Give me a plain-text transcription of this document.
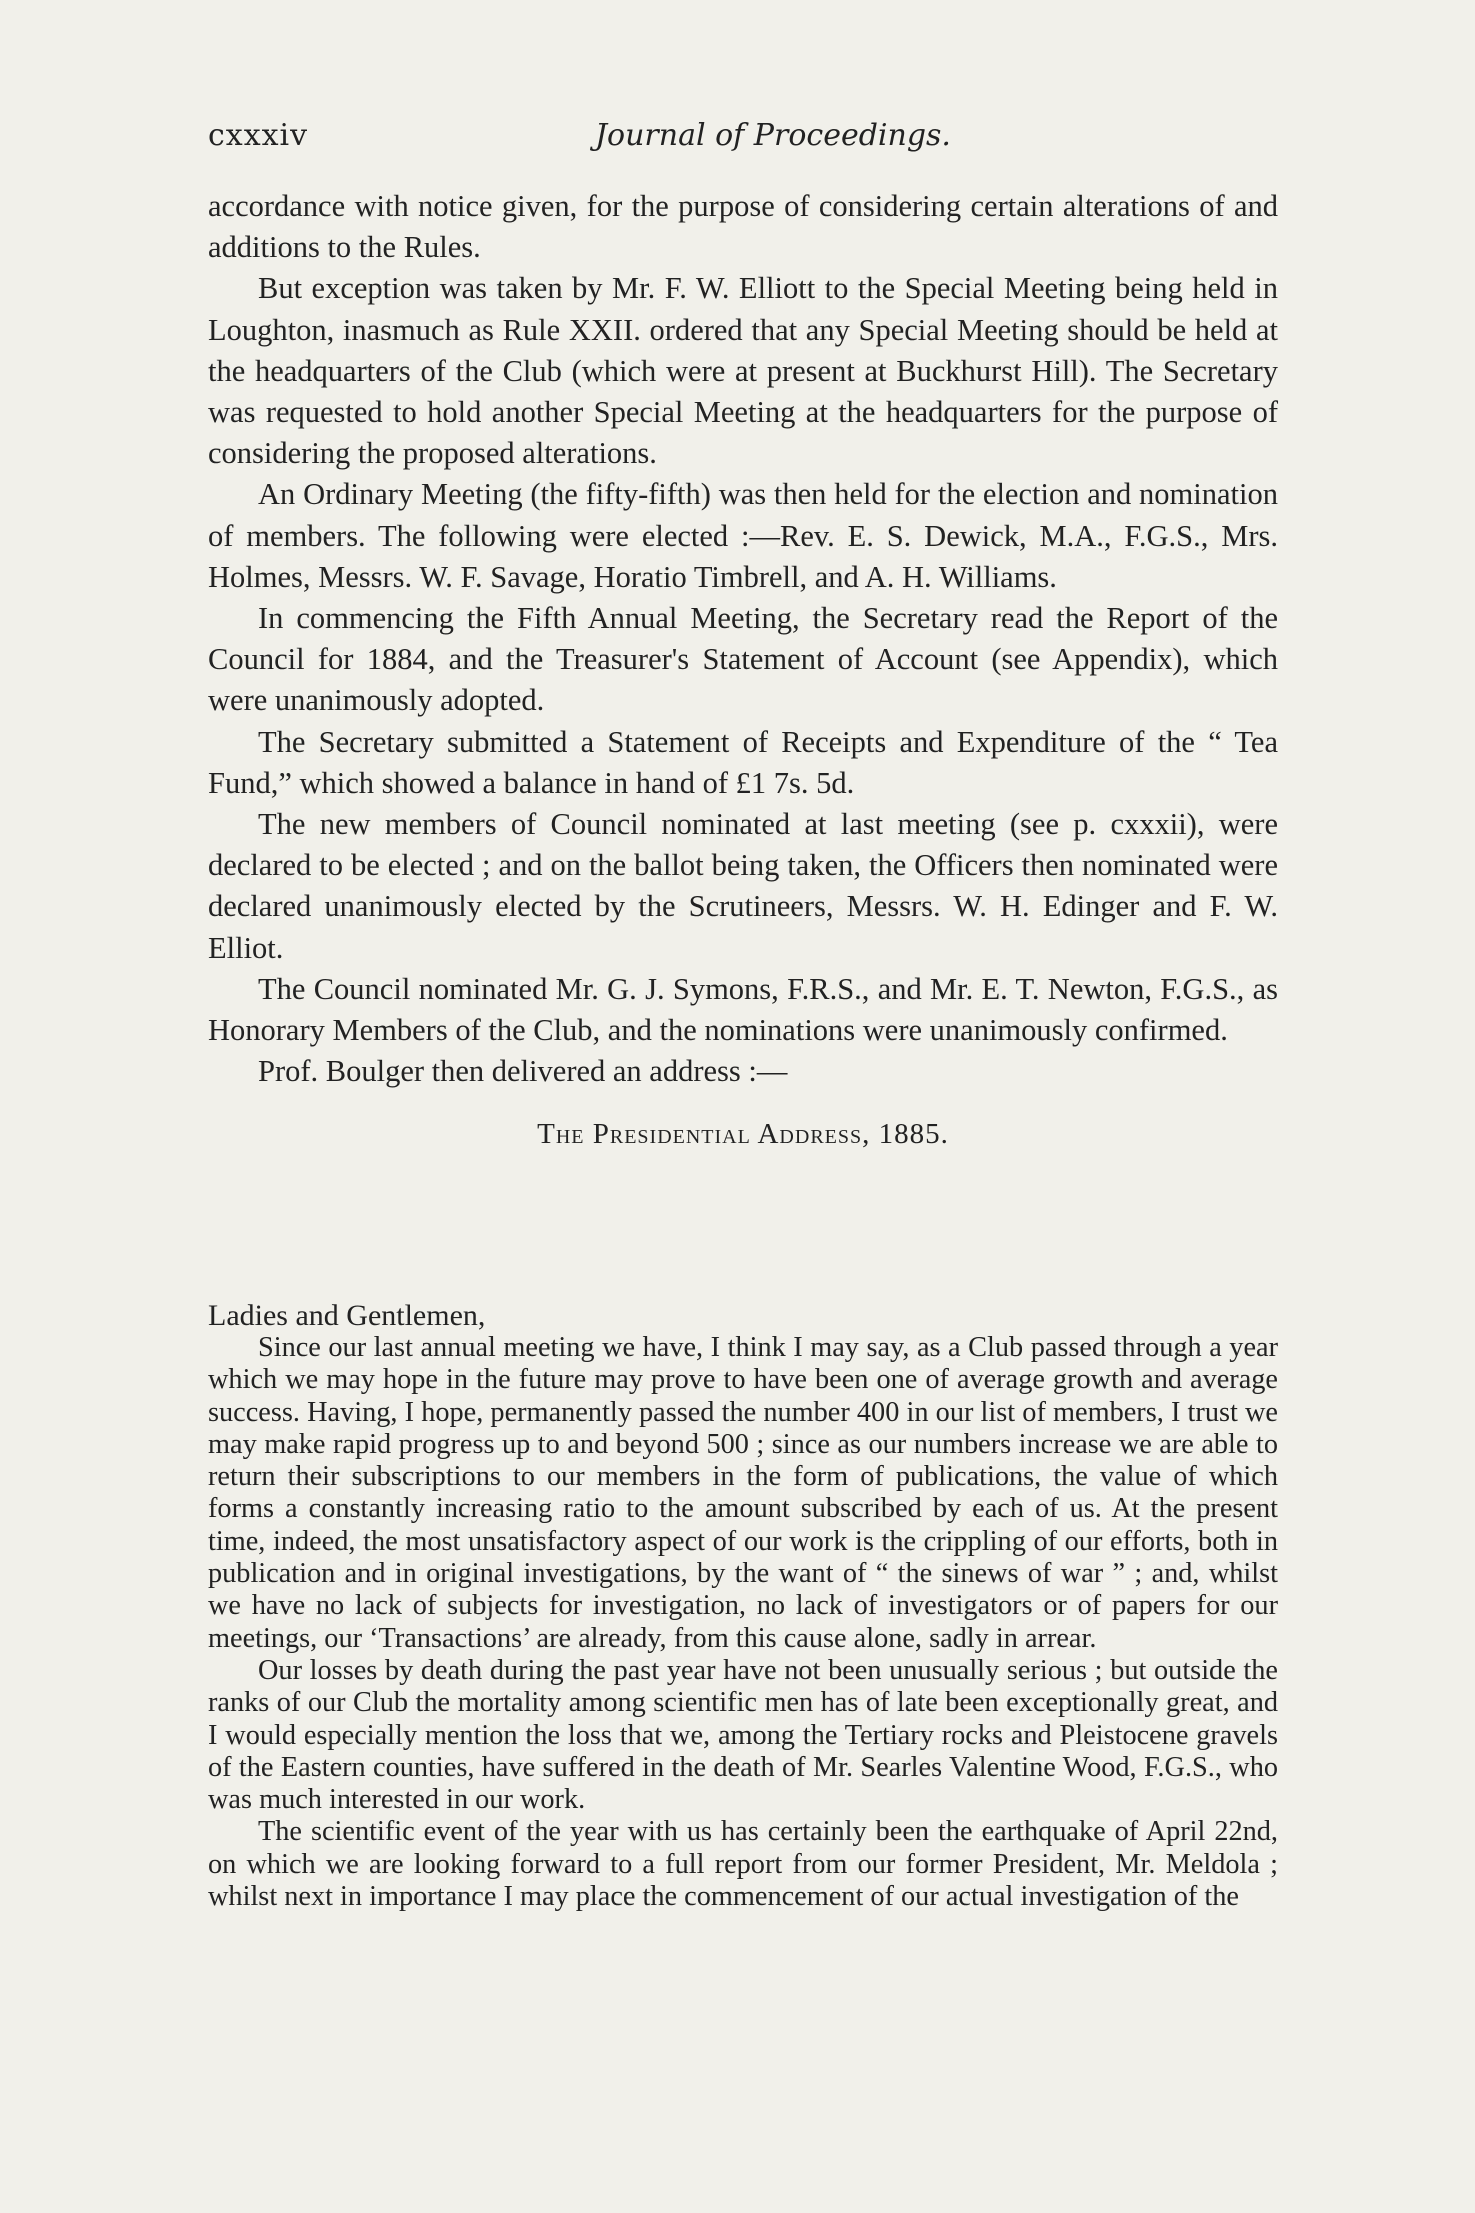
cxxxiv	Journal of Proceedings.

accordance with notice given, for the purpose of considering certain alterations of and additions to the Rules.

But exception was taken by Mr. F. W. Elliott to the Special Meeting being held in Loughton, inasmuch as Rule XXII. ordered that any Special Meeting should be held at the headquarters of the Club (which were at present at Buckhurst Hill). The Secretary was requested to hold another Special Meeting at the headquarters for the purpose of considering the proposed alterations.

An Ordinary Meeting (the fifty-fifth) was then held for the election and nomination of members. The following were elected :—Rev. E. S. Dewick, M.A., F.G.S., Mrs. Holmes, Messrs. W. F. Savage, Horatio Timbrell, and A. H. Williams.

In commencing the Fifth Annual Meeting, the Secretary read the Report of the Council for 1884, and the Treasurer's Statement of Account (see Appendix), which were unanimously adopted.

The Secretary submitted a Statement of Receipts and Expenditure of the “ Tea Fund,” which showed a balance in hand of £1 7s. 5d.

The new members of Council nominated at last meeting (see p. cxxxii), were declared to be elected ; and on the ballot being taken, the Officers then nominated were declared unanimously elected by the Scrutineers, Messrs. W. H. Edinger and F. W. Elliot.

The Council nominated Mr. G. J. Symons, F.R.S., and Mr. E. T. Newton, F.G.S., as Honorary Members of the Club, and the nominations were unanimously confirmed.

Prof. Boulger then delivered an address :—

The Presidential Address, 1885.

Ladies and Gentlemen,

Since our last annual meeting we have, I think I may say, as a Club passed through a year which we may hope in the future may prove to have been one of average growth and average success. Having, I hope, permanently passed the number 400 in our list of members, I trust we may make rapid progress up to and beyond 500 ; since as our numbers increase we are able to return their subscriptions to our members in the form of publications, the value of which forms a constantly increasing ratio to the amount subscribed by each of us. At the present time, indeed, the most unsatisfactory aspect of our work is the crippling of our efforts, both in publication and in original investigations, by the want of “ the sinews of war ” ; and, whilst we have no lack of subjects for investigation, no lack of investigators or of papers for our meetings, our ‘Transactions’ are already, from this cause alone, sadly in arrear.

Our losses by death during the past year have not been unusually serious ; but outside the ranks of our Club the mortality among scientific men has of late been exceptionally great, and I would especially mention the loss that we, among the Tertiary rocks and Pleistocene gravels of the Eastern counties, have suffered in the death of Mr. Searles Valentine Wood, F.G.S., who was much interested in our work.

The scientific event of the year with us has certainly been the earthquake of April 22nd, on which we are looking forward to a full report from our former President, Mr. Meldola ; whilst next in importance I may place the commencement of our actual investigation of the
